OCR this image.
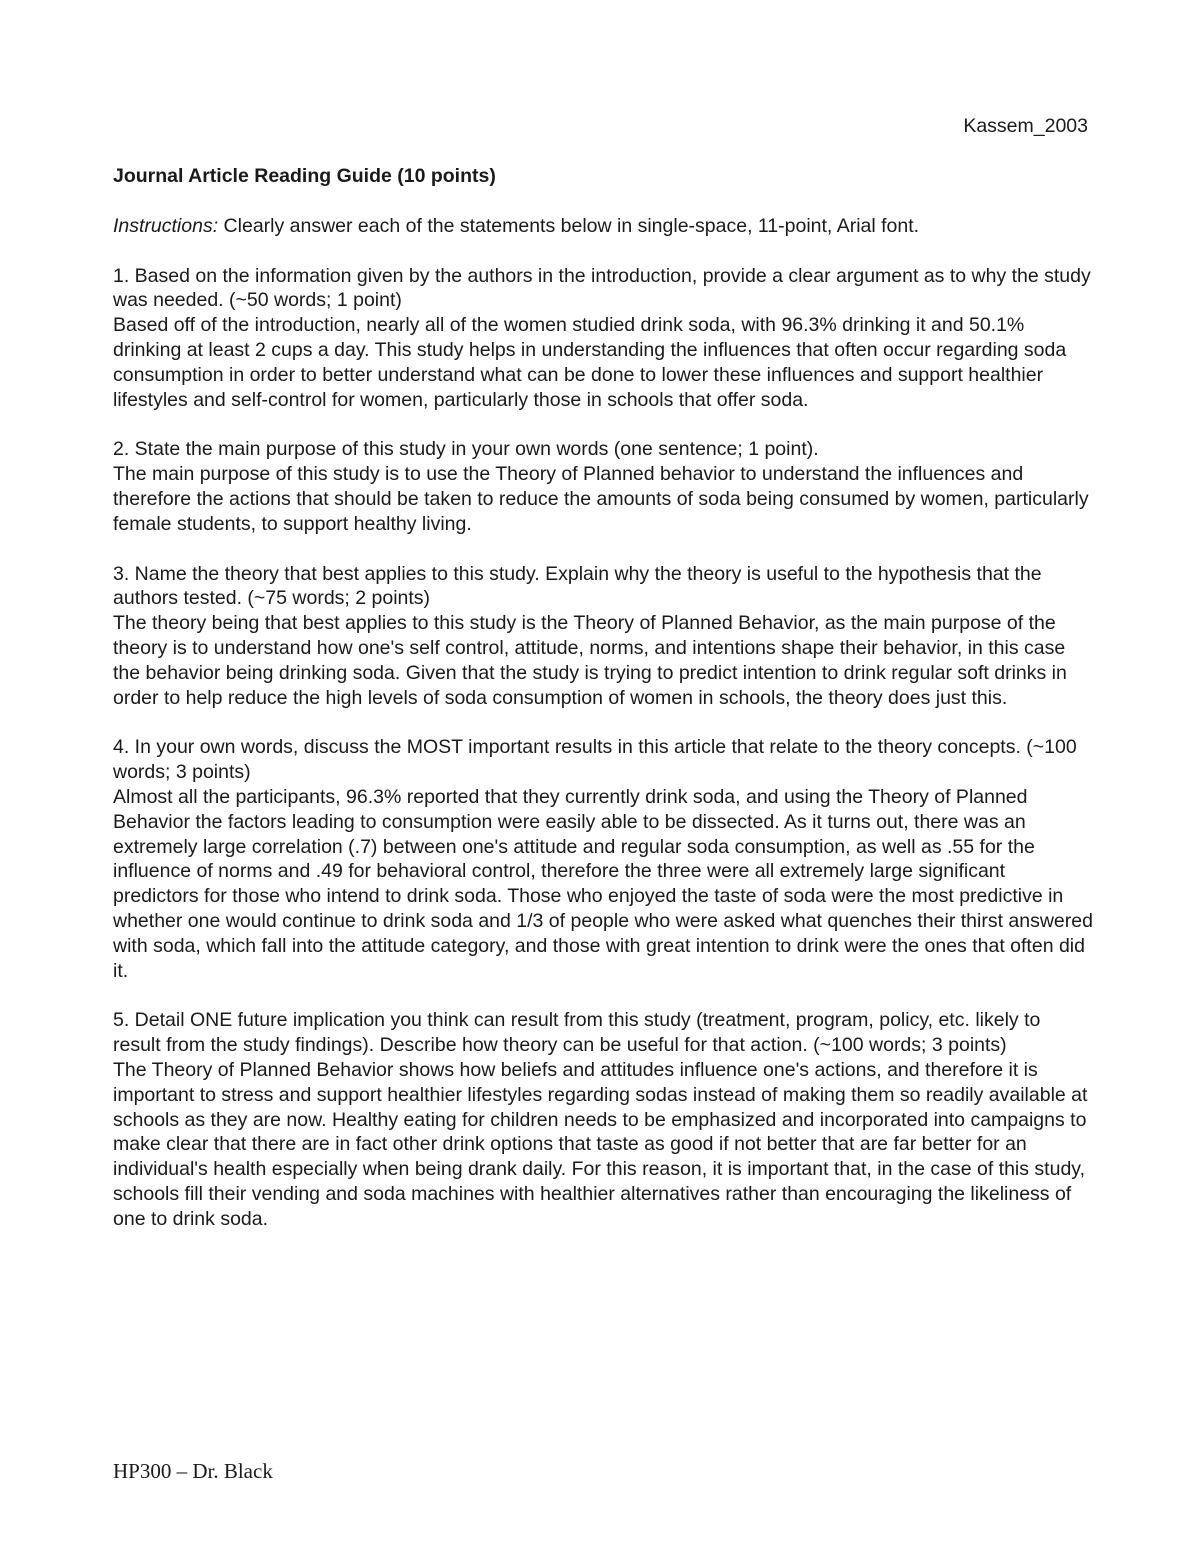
Kassem_2003

Journal Article Reading Guide (10 points)

Instructions: Clearly answer each of the statements below in single-space, 11-point, Arial font.

1. Based on the information given by the authors in the introduction, provide a clear argument as to why the study was needed. (~50 words; 1 point)

Based off of the introduction, nearly all of the women studied drink soda, with 96.3% drinking it and 50.1% drinking at least 2 cups a day. This study helps in understanding the influences that often occur regarding soda consumption in order to better understand what can be done to lower these influences and support healthier lifestyles and self-control for women, particularly those in schools that offer soda.

2. State the main purpose of this study in your own words (one sentence; 1 point).

The main purpose of this study is to use the Theory of Planned behavior to understand the influences and therefore the actions that should be taken to reduce the amounts of soda being consumed by women, particularly female students, to support healthy living.

3. Name the theory that best applies to this study. Explain why the theory is useful to the hypothesis that the authors tested. (~75 words; 2 points)

The theory being that best applies to this study is the Theory of Planned Behavior, as the main purpose of the theory is to understand how one's self control, attitude, norms, and intentions shape their behavior, in this case the behavior being drinking soda. Given that the study is trying to predict intention to drink regular soft drinks in order to help reduce the high levels of soda consumption of women in schools, the theory does just this.

4. In your own words, discuss the MOST important results in this article that relate to the theory concepts. (~100 words; 3 points)

Almost all the participants, 96.3% reported that they currently drink soda, and using the Theory of Planned Behavior the factors leading to consumption were easily able to be dissected. As it turns out, there was an extremely large correlation (.7) between one's attitude and regular soda consumption, as well as .55 for the influence of norms and .49 for behavioral control, therefore the three were all extremely large significant predictors for those who intend to drink soda. Those who enjoyed the taste of soda were the most predictive in whether one would continue to drink soda and 1/3 of people who were asked what quenches their thirst answered with soda, which fall into the attitude category, and those with great intention to drink were the ones that often did it.

5. Detail ONE future implication you think can result from this study (treatment, program, policy, etc. likely to result from the study findings). Describe how theory can be useful for that action. (~100 words; 3 points)

The Theory of Planned Behavior shows how beliefs and attitudes influence one's actions, and therefore it is important to stress and support healthier lifestyles regarding sodas instead of making them so readily available at schools as they are now. Healthy eating for children needs to be emphasized and incorporated into campaigns to make clear that there are in fact other drink options that taste as good if not better that are far better for an individual's health especially when being drank daily. For this reason, it is important that, in the case of this study, schools fill their vending and soda machines with healthier alternatives rather than encouraging the likeliness of one to drink soda.

HP300 – Dr. Black
